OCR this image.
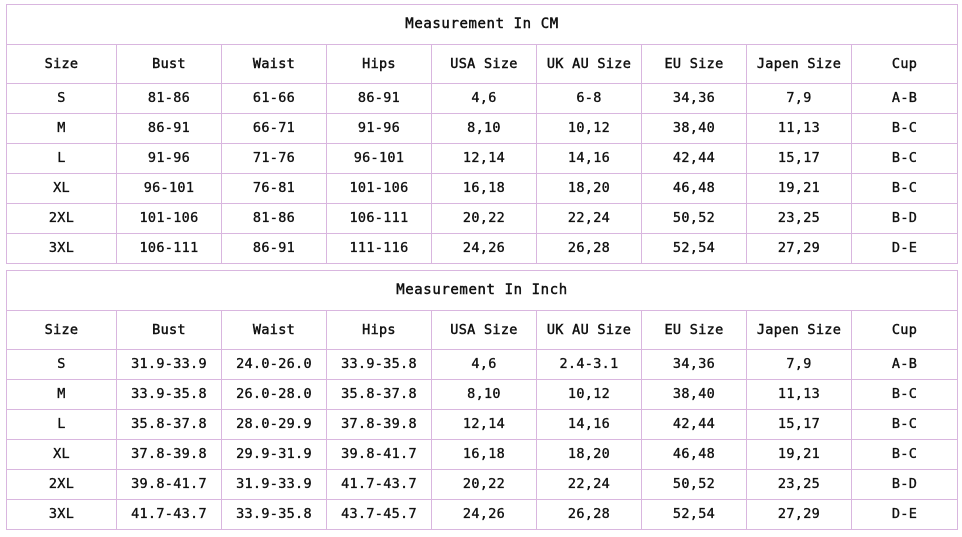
Measurement In CM								
Size	Bust	Waist	Hips	USA Size	UK AU Size	EU Size	Japen Size	Cup
S	81-86	61-66	86-91	4,6	6-8	34,36	7,9	A-B
M	86-91	66-71	91-96	8,10	10,12	38,40	11,13	B-C
L	91-96	71-76	96-101	12,14	14,16	42,44	15,17	B-C
XL	96-101	76-81	101-106	16,18	18,20	46,48	19,21	B-C
2XL	101-106	81-86	106-111	20,22	22,24	50,52	23,25	B-D
3XL	106-111	86-91	111-116	24,26	26,28	52,54	27,29	D-E
Measurement In Inch								
Size	Bust	Waist	Hips	USA Size	UK AU Size	EU Size	Japen Size	Cup
S	31.9-33.9	24.0-26.0	33.9-35.8	4,6	2.4-3.1	34,36	7,9	A-B
M	33.9-35.8	26.0-28.0	35.8-37.8	8,10	10,12	38,40	11,13	B-C
L	35.8-37.8	28.0-29.9	37.8-39.8	12,14	14,16	42,44	15,17	B-C
XL	37.8-39.8	29.9-31.9	39.8-41.7	16,18	18,20	46,48	19,21	B-C
2XL	39.8-41.7	31.9-33.9	41.7-43.7	20,22	22,24	50,52	23,25	B-D
3XL	41.7-43.7	33.9-35.8	43.7-45.7	24,26	26,28	52,54	27,29	D-E
